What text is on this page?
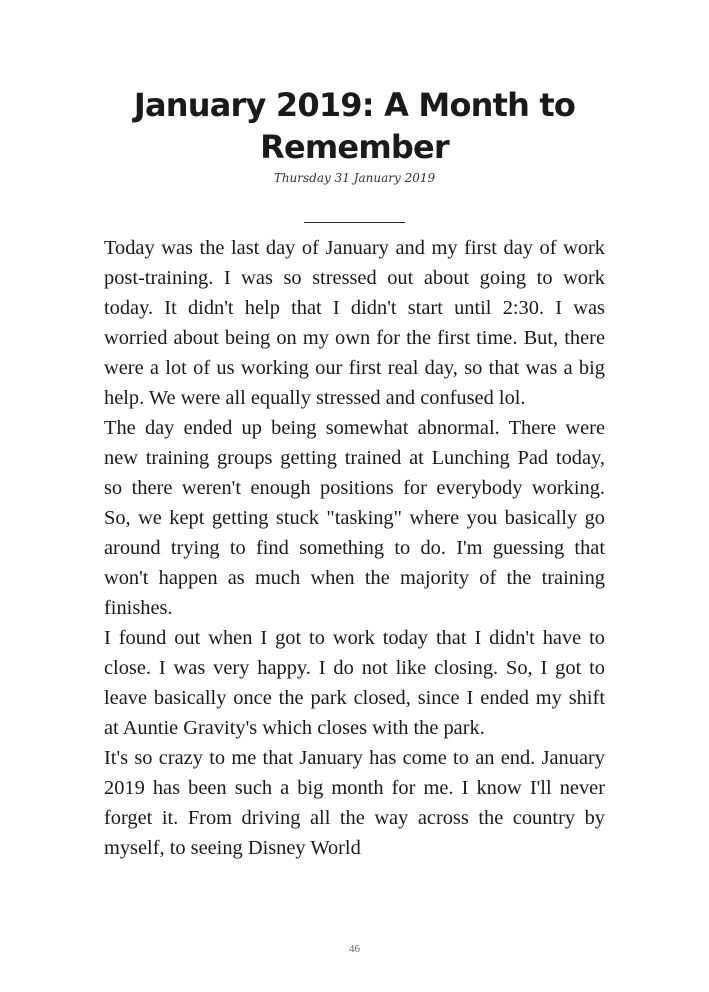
January 2019: A Month to Remember
Thursday 31 January 2019

Today was the last day of January and my first day of work post-training. I was so stressed out about going to work today. It didn't help that I didn't start until 2:30. I was worried about being on my own for the first time. But, there were a lot of us working our first real day, so that was a big help. We were all equally stressed and confused lol.

The day ended up being somewhat abnormal. There were new training groups getting trained at Lunching Pad today, so there weren't enough positions for everybody working. So, we kept getting stuck "tasking" where you basically go around trying to find something to do. I'm guessing that won't happen as much when the majority of the training finishes.

I found out when I got to work today that I didn't have to close. I was very happy. I do not like closing. So, I got to leave basically once the park closed, since I ended my shift at Auntie Gravity's which closes with the park.

It's so crazy to me that January has come to an end. January 2019 has been such a big month for me. I know I'll never forget it. From driving all the way across the country by myself, to seeing Disney World

46
